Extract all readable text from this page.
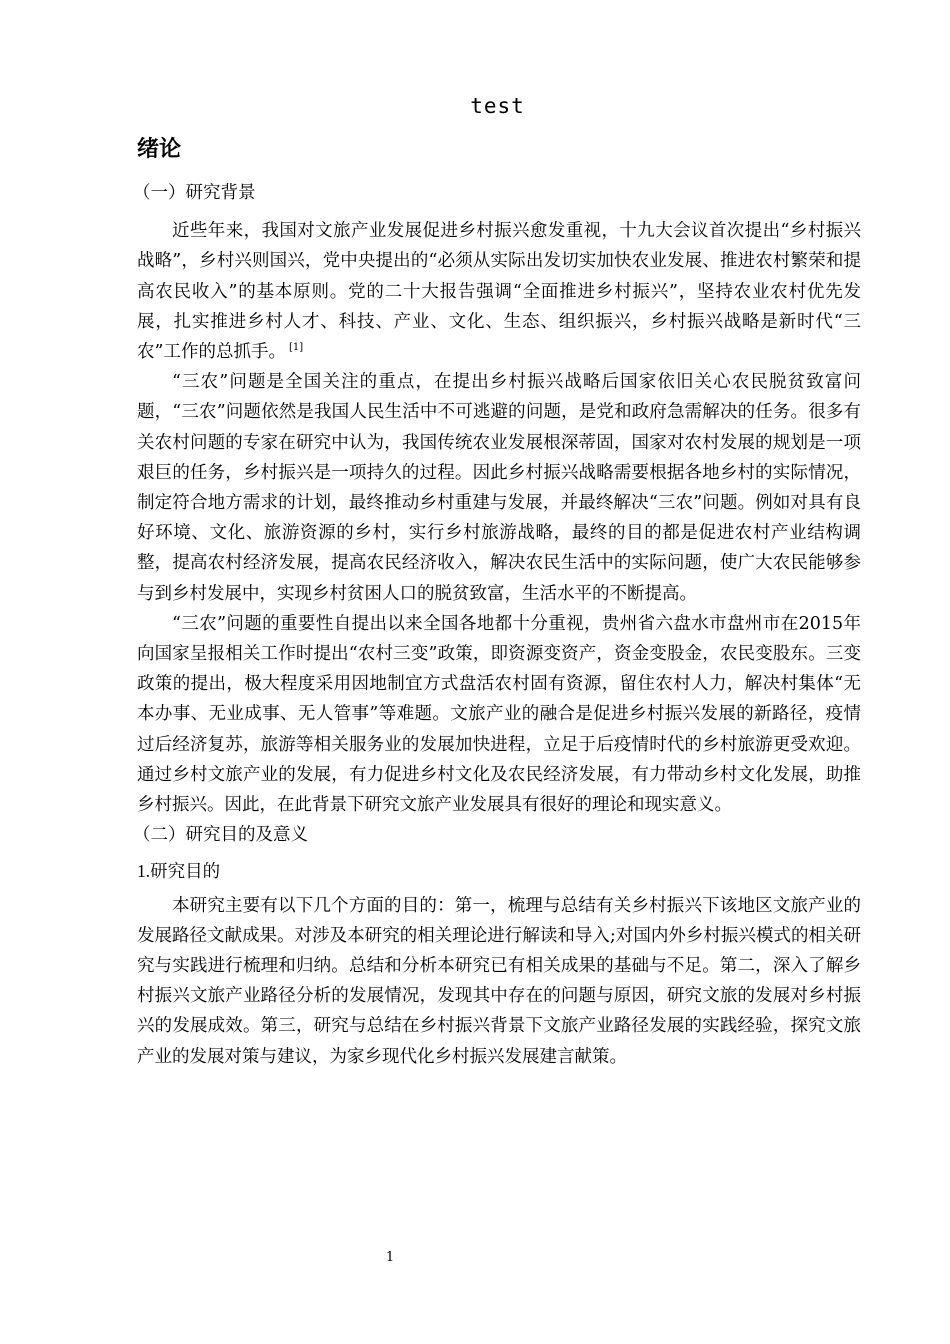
test
绪论
（一）研究背景

近些年来，我国对文旅产业发展促进乡村振兴愈发重视，十九大会议首次提出“乡村振兴战略”，乡村兴则国兴，党中央提出的“必须从实际出发切实加快农业发展、推进农村繁荣和提高农民收入”的基本原则。党的二十大报告强调“全面推进乡村振兴”，坚持农业农村优先发展，扎实推进乡村人才、科技、产业、文化、生态、组织振兴，乡村振兴战略是新时代“三农”工作的总抓手。 [1]

“三农”问题是全国关注的重点，在提出乡村振兴战略后国家依旧关心农民脱贫致富问题，“三农”问题依然是我国人民生活中不可逃避的问题，是党和政府急需解决的任务。很多有关农村问题的专家在研究中认为，我国传统农业发展根深蒂固，国家对农村发展的规划是一项艰巨的任务，乡村振兴是一项持久的过程。因此乡村振兴战略需要根据各地乡村的实际情况，制定符合地方需求的计划，最终推动乡村重建与发展，并最终解决“三农”问题。例如对具有良好环境、文化、旅游资源的乡村，实行乡村旅游战略，最终的目的都是促进农村产业结构调整，提高农村经济发展，提高农民经济收入，解决农民生活中的实际问题，使广大农民能够参与到乡村发展中，实现乡村贫困人口的脱贫致富，生活水平的不断提高。

“三农”问题的重要性自提出以来全国各地都十分重视，贵州省六盘水市盘州市在2015年向国家呈报相关工作时提出“农村三变”政策，即资源变资产，资金变股金，农民变股东。三变政策的提出，极大程度采用因地制宜方式盘活农村固有资源，留住农村人力，解决村集体“无本办事、无业成事、无人管事”等难题。文旅产业的融合是促进乡村振兴发展的新路径，疫情过后经济复苏，旅游等相关服务业的发展加快进程，立足于后疫情时代的乡村旅游更受欢迎。通过乡村文旅产业的发展，有力促进乡村文化及农民经济发展，有力带动乡村文化发展，助推乡村振兴。因此，在此背景下研究文旅产业发展具有很好的理论和现实意义。

（二）研究目的及意义
1.研究目的

本研究主要有以下几个方面的目的：第一，梳理与总结有关乡村振兴下该地区文旅产业的发展路径文献成果。对涉及本研究的相关理论进行解读和导入;对国内外乡村振兴模式的相关研究与实践进行梳理和归纳。总结和分析本研究已有相关成果的基础与不足。第二，深入了解乡村振兴文旅产业路径分析的发展情况，发现其中存在的问题与原因，研究文旅的发展对乡村振兴的发展成效。第三，研究与总结在乡村振兴背景下文旅产业路径发展的实践经验，探究文旅产业的发展对策与建议，为家乡现代化乡村振兴发展建言献策。

1
